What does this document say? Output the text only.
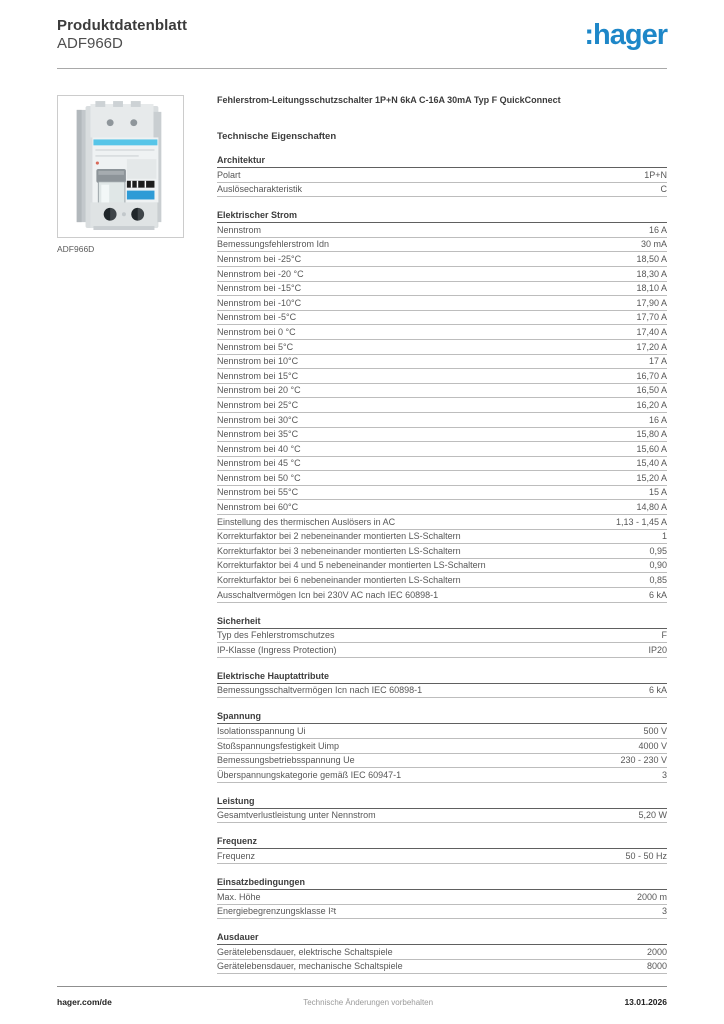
Produktdatenblatt
ADF966D	:hager
ADF966D
Fehlerstrom-Leitungsschutzschalter 1P+N 6kA C-16A 30mA Typ F QuickConnect
Technische Eigenschaften
Architektur
Polart	1P+N
Auslösecharakteristik	C
Elektrischer Strom
Nennstrom	16 A
Bemessungsfehlerstrom Idn	30 mA
Nennstrom bei -25°C	18,50 A
Nennstrom bei -20 °C	18,30 A
Nennstrom bei -15°C	18,10 A
Nennstrom bei -10°C	17,90 A
Nennstrom bei -5°C	17,70 A
Nennstrom bei 0 °C	17,40 A
Nennstrom bei 5°C	17,20 A
Nennstrom bei 10°C	17 A
Nennstrom bei 15°C	16,70 A
Nennstrom bei 20 °C	16,50 A
Nennstrom bei 25°C	16,20 A
Nennstrom bei 30°C	16 A
Nennstrom bei 35°C	15,80 A
Nennstrom bei 40 °C	15,60 A
Nennstrom bei 45 °C	15,40 A
Nennstrom bei 50 °C	15,20 A
Nennstrom bei 55°C	15 A
Nennstrom bei 60°C	14,80 A
Einstellung des thermischen Auslösers in AC	1,13 - 1,45 A
Korrekturfaktor bei 2 nebeneinander montierten LS-Schaltern	1
Korrekturfaktor bei 3 nebeneinander montierten LS-Schaltern	0,95
Korrekturfaktor bei 4 und 5 nebeneinander montierten LS-Schaltern	0,90
Korrekturfaktor bei 6 nebeneinander montierten LS-Schaltern	0,85
Ausschaltvermögen Icn bei 230V AC nach IEC 60898-1	6 kA
Sicherheit
Typ des Fehlerstromschutzes	F
IP-Klasse (Ingress Protection)	IP20
Elektrische Hauptattribute
Bemessungsschaltvermögen Icn nach IEC 60898-1	6 kA
Spannung
Isolationsspannung Ui	500 V
Stoßspannungsfestigkeit Uimp	4000 V
Bemessungsbetriebsspannung Ue	230 - 230 V
Überspannungskategorie gemäß IEC 60947-1	3
Leistung
Gesamtverlustleistung unter Nennstrom	5,20 W
Frequenz
Frequenz	50 - 50 Hz
Einsatzbedingungen
Max. Höhe	2000 m
Energiebegrenzungsklasse I²t	3
Ausdauer
Gerätelebensdauer, elektrische Schaltspiele	2000
Gerätelebensdauer, mechanische Schaltspiele	8000
hager.com/de	Technische Änderungen vorbehalten	13.01.2026
